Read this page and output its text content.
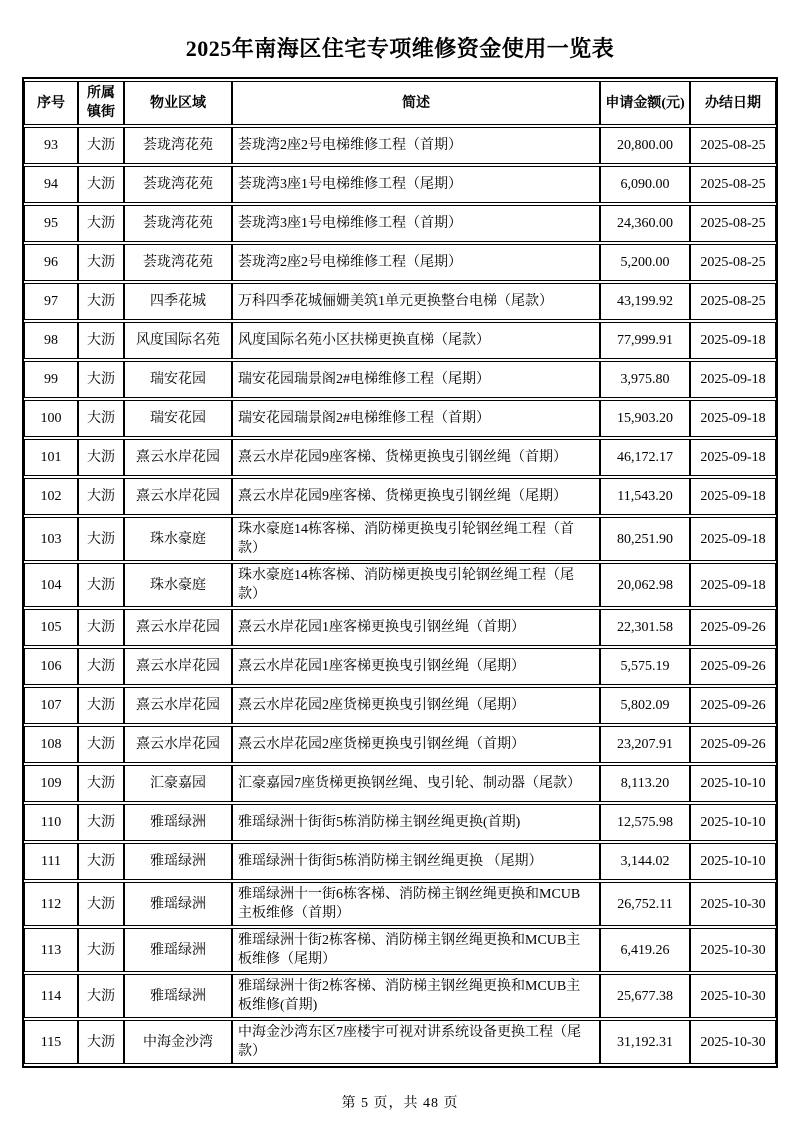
2025年南海区住宅专项维修资金使用一览表
序号	所属镇街	物业区域	简述	申请金额(元)	办结日期
93	大沥	荟珑湾花苑	荟珑湾2座2号电梯维修工程（首期）	20,800.00	2025-08-25
94	大沥	荟珑湾花苑	荟珑湾3座1号电梯维修工程（尾期）	6,090.00	2025-08-25
95	大沥	荟珑湾花苑	荟珑湾3座1号电梯维修工程（首期）	24,360.00	2025-08-25
96	大沥	荟珑湾花苑	荟珑湾2座2号电梯维修工程（尾期）	5,200.00	2025-08-25
97	大沥	四季花城	万科四季花城俪姗美筑1单元更换整台电梯（尾款）	43,199.92	2025-08-25
98	大沥	风度国际名苑	风度国际名苑小区扶梯更换直梯（尾款）	77,999.91	2025-09-18
99	大沥	瑞安花园	瑞安花园瑞景阁2#电梯维修工程（尾期）	3,975.80	2025-09-18
100	大沥	瑞安花园	瑞安花园瑞景阁2#电梯维修工程（首期）	15,903.20	2025-09-18
101	大沥	熹云水岸花园	熹云水岸花园9座客梯、货梯更换曳引钢丝绳（首期）	46,172.17	2025-09-18
102	大沥	熹云水岸花园	熹云水岸花园9座客梯、货梯更换曳引钢丝绳（尾期）	11,543.20	2025-09-18
103	大沥	珠水豪庭	珠水豪庭14栋客梯、消防梯更换曳引轮钢丝绳工程（首款）	80,251.90	2025-09-18
104	大沥	珠水豪庭	珠水豪庭14栋客梯、消防梯更换曳引轮钢丝绳工程（尾款）	20,062.98	2025-09-18
105	大沥	熹云水岸花园	熹云水岸花园1座客梯更换曳引钢丝绳（首期）	22,301.58	2025-09-26
106	大沥	熹云水岸花园	熹云水岸花园1座客梯更换曳引钢丝绳（尾期）	5,575.19	2025-09-26
107	大沥	熹云水岸花园	熹云水岸花园2座货梯更换曳引钢丝绳（尾期）	5,802.09	2025-09-26
108	大沥	熹云水岸花园	熹云水岸花园2座货梯更换曳引钢丝绳（首期）	23,207.91	2025-09-26
109	大沥	汇豪嘉园	汇豪嘉园7座货梯更换钢丝绳、曳引轮、制动器（尾款）	8,113.20	2025-10-10
110	大沥	雅瑶绿洲	雅瑶绿洲十街街5栋消防梯主钢丝绳更换(首期)	12,575.98	2025-10-10
111	大沥	雅瑶绿洲	雅瑶绿洲十街街5栋消防梯主钢丝绳更换 （尾期）	3,144.02	2025-10-10
112	大沥	雅瑶绿洲	雅瑶绿洲十一街6栋客梯、消防梯主钢丝绳更换和MCUB主板维修（首期）	26,752.11	2025-10-30
113	大沥	雅瑶绿洲	雅瑶绿洲十街2栋客梯、消防梯主钢丝绳更换和MCUB主板维修（尾期）	6,419.26	2025-10-30
114	大沥	雅瑶绿洲	雅瑶绿洲十街2栋客梯、消防梯主钢丝绳更换和MCUB主板维修(首期)	25,677.38	2025-10-30
115	大沥	中海金沙湾	中海金沙湾东区7座楼宇可视对讲系统设备更换工程（尾款）	31,192.31	2025-10-30
第 5 页，共 48 页
